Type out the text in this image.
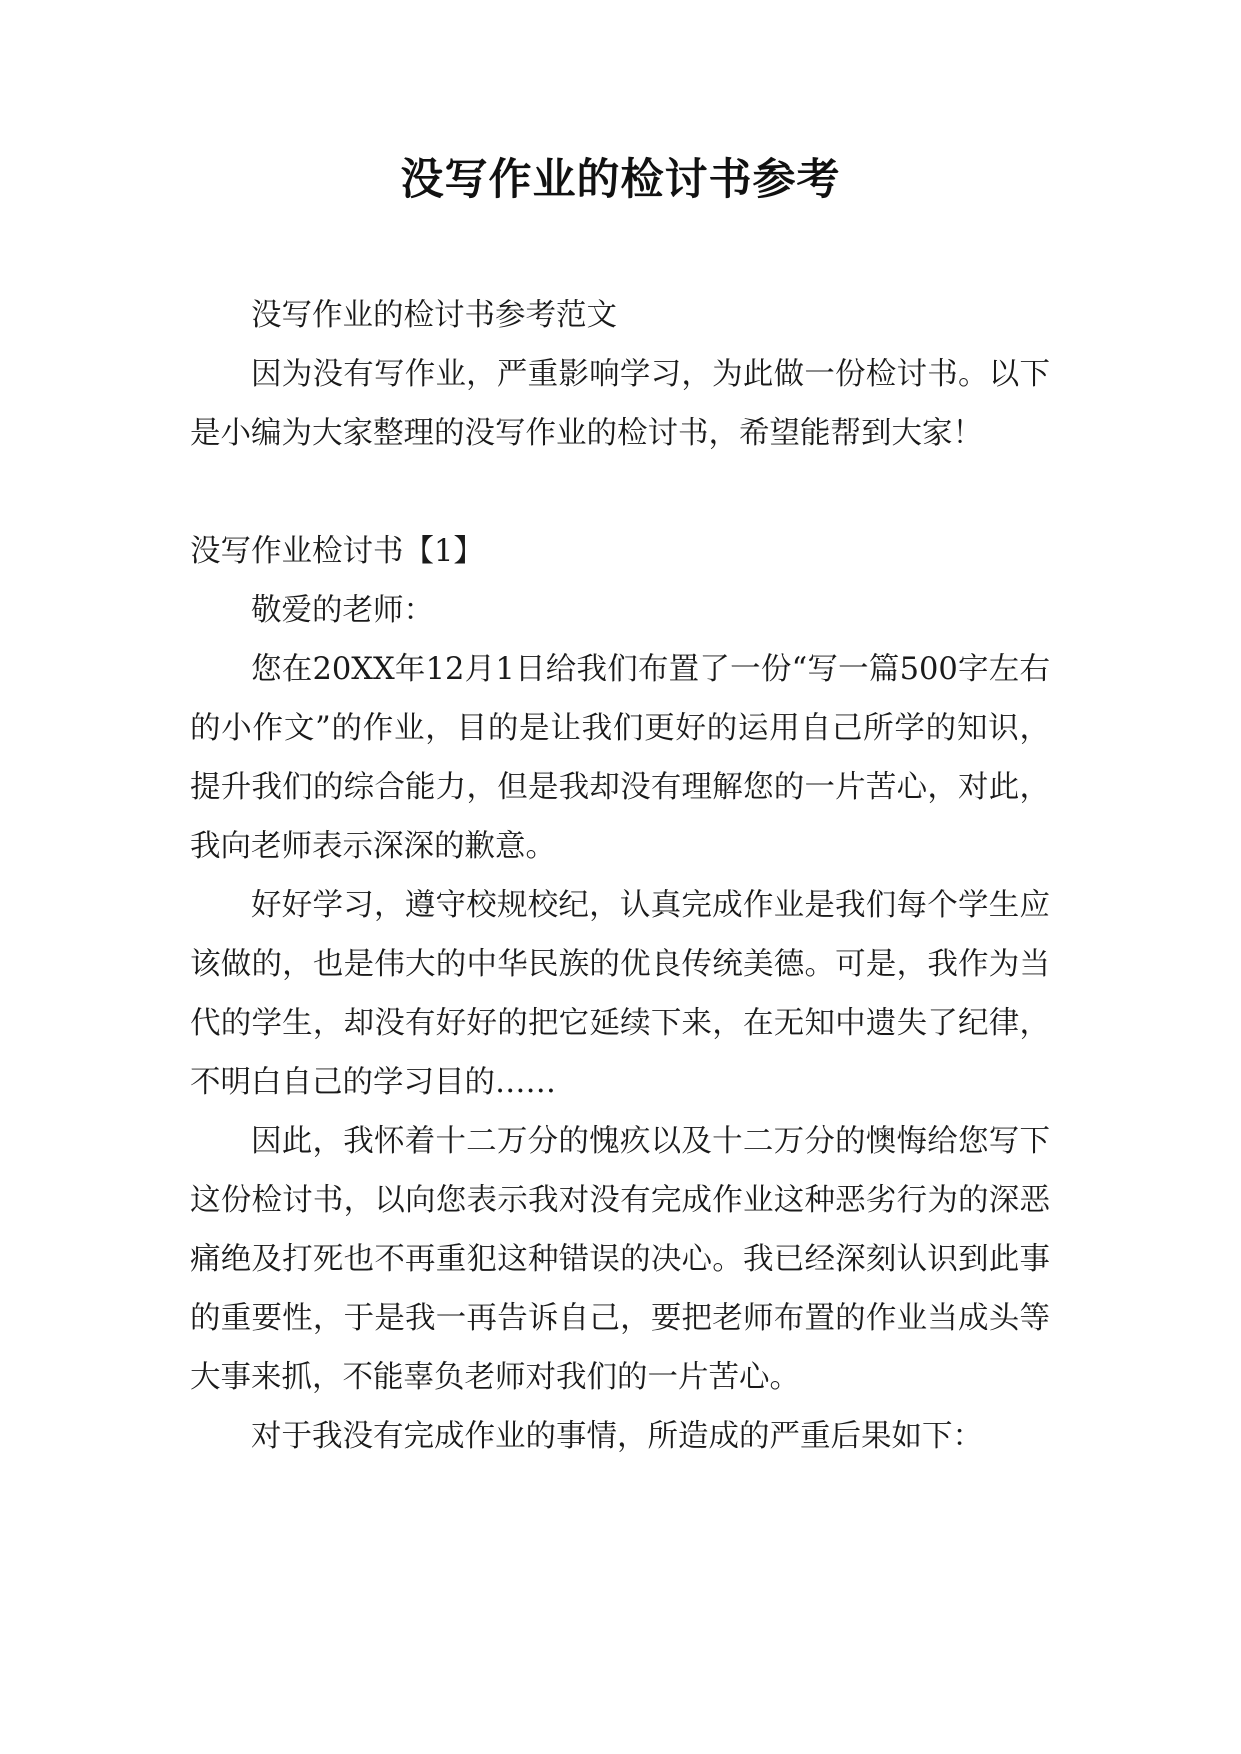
没写作业的检讨书参考

没写作业的检讨书参考范文

因为没有写作业，严重影响学习，为此做一份检讨书。以下是小编为大家整理的没写作业的检讨书，希望能帮到大家！

没写作业检讨书【1】

敬爱的老师：

您在20XX年12月1日给我们布置了一份“写一篇500字左右的小作文”的作业，目的是让我们更好的运用自己所学的知识，提升我们的综合能力，但是我却没有理解您的一片苦心，对此，我向老师表示深深的歉意。

好好学习，遵守校规校纪，认真完成作业是我们每个学生应该做的，也是伟大的中华民族的优良传统美德。可是，我作为当代的学生，却没有好好的把它延续下来，在无知中遗失了纪律，不明白自己的学习目的……

因此，我怀着十二万分的愧疚以及十二万分的懊悔给您写下这份检讨书，以向您表示我对没有完成作业这种恶劣行为的深恶痛绝及打死也不再重犯这种错误的决心。我已经深刻认识到此事的重要性，于是我一再告诉自己，要把老师布置的作业当成头等大事来抓，不能辜负老师对我们的一片苦心。

对于我没有完成作业的事情，所造成的严重后果如下：
